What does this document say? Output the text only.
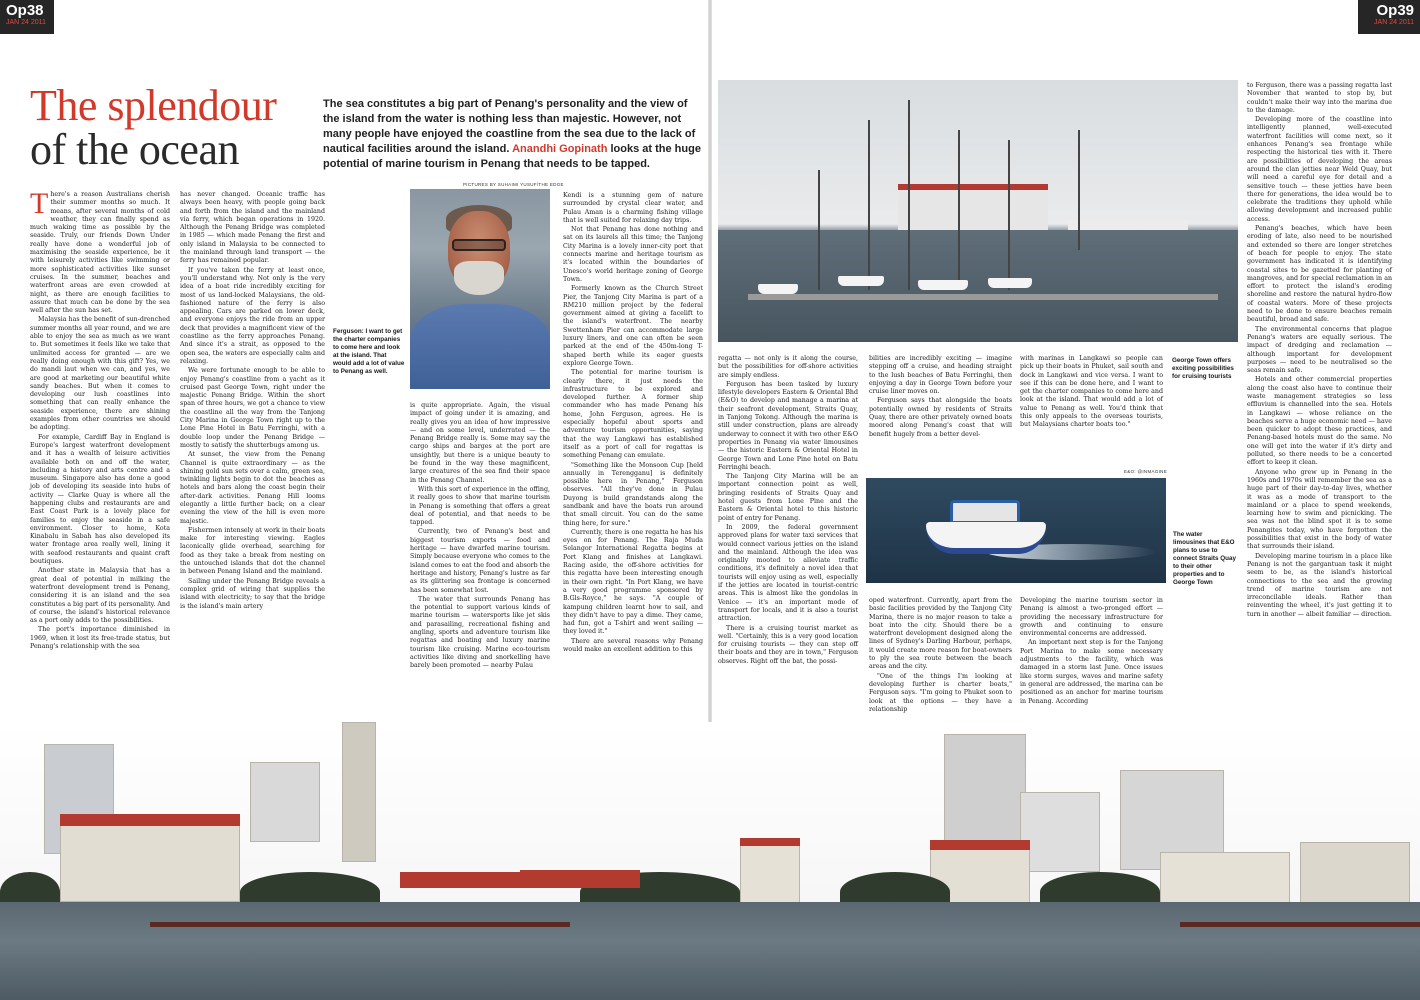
Op38
JAN 24 2011
The splendour
of the ocean
The sea constitutes a big part of Penang's personality and the view of the island from the water is nothing less than majestic. However, not many people have enjoyed the coastline from the sea due to the lack of nautical facilities around the island. Anandhi Gopinath looks at the huge potential of marine tourism in Penang that needs to be tapped.

There's a reason Australians cherish their summer months so much. It means, after several months of cold weather, they can finally spend as much waking time as possible by the seaside. Truly, our friends Down Under really have done a wonderful job of maximising the seaside experience, be it with leisurely activities like swimming or more sophisticated activities like sunset cruises. In the summer, beaches and waterfront areas are even crowded at night, as there are enough facilities to assure that much can be done by the sea well after the sun has set.

Malaysia has the benefit of sun-drenched summer months all year round, and we are able to enjoy the sea as much as we want to. But sometimes it feels like we take that unlimited access for granted — are we really doing enough with this gift? Yes, we do mandi laut when we can, and yes, we are good at marketing our beautiful white sandy beaches. But when it comes to developing our lush coastlines into something that can really enhance the seaside experience, there are shining examples from other countries we should be adopting.

For example, Cardiff Bay in England is Europe's largest waterfront development and it has a wealth of leisure activities available both on and off the water, including a history and arts centre and a museum. Singapore also has done a good job of developing its seaside into hubs of activity — Clarke Quay is where all the happening clubs and restaurants are and East Coast Park is a lovely place for families to enjoy the seaside in a safe environment. Closer to home, Kota Kinabalu in Sabah has also developed its water frontage area really well, lining it with seafood restaurants and quaint craft boutiques.

Another state in Malaysia that has a great deal of potential in milking the waterfront development trend is Penang, considering it is an island and the sea constitutes a big part of its personality. And of course, the island's historical relevance as a port only adds to the possibilities.

The port's importance diminished in 1969, when it lost its free-trade status, but Penang's relationship with the sea

has never changed. Oceanic traffic has always been heavy, with people going back and forth from the island and the mainland via ferry, which began operations in 1920. Although the Penang Bridge was completed in 1985 — which made Penang the first and only island in Malaysia to be connected to the mainland through land transport — the ferry has remained popular.

If you've taken the ferry at least once, you'll understand why. Not only is the very idea of a boat ride incredibly exciting for most of us land-locked Malaysians, the old-fashioned nature of the ferry is also appealing. Cars are parked on lower deck, and everyone enjoys the ride from an upper deck that provides a magnificent view of the coastline as the ferry approaches Penang. And since it's a strait, as opposed to the open sea, the waters are especially calm and relaxing.

We were fortunate enough to be able to enjoy Penang's coastline from a yacht as it cruised past George Town, right under the majestic Penang Bridge. Within the short span of three hours, we got a chance to view the coastline all the way from the Tanjong City Marina in George Town right up to the Lone Pine Hotel in Batu Ferringhi, with a double loop under the Penang Bridge — mostly to satisfy the shutterbugs among us.

At sunset, the view from the Penang Channel is quite extraordinary — as the shining gold sun sets over a calm, green sea, twinkling lights begin to dot the beaches as hotels and bars along the coast begin their after-dark activities. Penang Hill looms elegantly a little further back; on a clear evening the view of the hill is even more majestic.

Fishermen intensely at work in their boats make for interesting viewing. Eagles laconically glide overhead, searching for food as they take a break from nesting on the untouched islands that dot the channel in between Penang Island and the mainland.

Sailing under the Penang Bridge reveals a complex grid of wiring that supplies the island with electricity; to say that the bridge is the island's main artery

PICTURES BY SUHAIMI YUSUF/THE EDGE
Ferguson: I want to get the charter companies to come here and look at the island. That would add a lot of value to Penang as well.

is quite appropriate. Again, the visual impact of going under it is amazing, and really gives you an idea of how impressive — and on some level, underrated — the Penang Bridge really is. Some may say the cargo ships and barges at the port are unsightly, but there is a unique beauty to be found in the way these magnificent, large creatures of the sea find their space in the Penang Channel.

With this sort of experience in the offing, it really goes to show that marine tourism in Penang is something that offers a great deal of potential, and that needs to be tapped.

Currently, two of Penang's best and biggest tourism exports — food and heritage — have dwarfed marine tourism. Simply because everyone who comes to the island comes to eat the food and absorb the heritage and history, Penang's lustre as far as its glittering sea frontage is concerned has been somewhat lost.

The water that surrounds Penang has the potential to support various kinds of marine tourism — watersports like jet skis and parasailing, recreational fishing and angling, sports and adventure tourism like regattas and boating and luxury marine tourism like cruising. Marine eco-tourism activities like diving and snorkelling have barely been promoted — nearby Pulau

Kendi is a stunning gem of nature surrounded by crystal clear water, and Pulau Aman is a charming fishing village that is well suited for relaxing day trips.

Not that Penang has done nothing and sat on its laurels all this time; the Tanjong City Marina is a lovely inner-city port that connects marine and heritage tourism as it's located within the boundaries of Unesco's world heritage zoning of George Town.

Formerly known as the Church Street Pier, the Tanjong City Marina is part of a RM210 million project by the federal government aimed at giving a facelift to the island's waterfront. The nearby Swettenham Pier can accommodate large luxury liners, and one can often be seen parked at the end of the 450m-long T-shaped berth while its eager guests explore George Town.

The potential for marine tourism is clearly there, it just needs the infrastructure to be explored and developed further. A former ship commander who has made Penang his home, John Ferguson, agrees. He is especially hopeful about sports and adventure tourism opportunities, saying that the way Langkawi has established itself as a port of call for regattas is something Penang can emulate.

"Something like the Monsoon Cup [held annually in Terengganu] is definitely possible here in Penang," Ferguson observes. "All they've done in Pulau Duyong is build grandstands along the sandbank and have the boats run around that small circuit. You can do the same thing here, for sure."

Currently, there is one regatta he has his eyes on for Penang. The Raja Muda Selangor International Regatta begins at Port Klang and finishes at Langkawi. Racing aside, the off-shore activities for this regatta have been interesting enough in their own right. "In Port Klang, we have a very good programme sponsored by B.Gls-Royce," he says. "A couple of kampung children learnt how to sail, and they didn't have to pay a dime. They came, had fun, got a T-shirt and went sailing — they loved it."

There are several reasons why Penang would make an excellent addition to this

Op39
JAN 24 2011
George Town offers exciting possibilities for cruising tourists

regatta — not only is it along the course, but the possibilities for off-shore activities are simply endless.

Ferguson has been tasked by luxury lifestyle developers Eastern & Oriental Bhd (E&O) to develop and manage a marina at their seafront development, Straits Quay, in Tanjong Tokong. Although the marina is still under construction, plans are already underway to connect it with two other E&O properties in Penang via water limousines — the historic Eastern & Oriental Hotel in George Town and Lone Pine hotel on Batu Ferringhi beach.

The Tanjong City Marina will be an important connection point as well, bringing residents of Straits Quay and hotel guests from Lone Pine and the Eastern & Oriental hotel to this historic point of entry for Penang.

In 2009, the federal government approved plans for water taxi services that would connect various jetties on the island and the mainland. Although the idea was originally mooted to alleviate traffic conditions, it's definitely a novel idea that tourists will enjoy using as well, especially if the jetties are located in tourist-centric areas. This is almost like the gondolas in Venice — it's an important mode of transport for locals, and it is also a tourist attraction.

There is a cruising tourist market as well. "Certainly, this is a very good location for cruising tourists — they can step off their boats and they are in town," Ferguson observes. Right off the bat, the possi-

bilities are incredibly exciting — imagine stepping off a cruise, and heading straight to the lush beaches of Batu Ferringhi, then enjoying a day in George Town before your cruise liner moves on.

Ferguson says that alongside the boats potentially owned by residents of Straits Quay, there are other privately owned boats moored along Penang's coast that will benefit hugely from a better devel-

with marinas in Langkawi so people can pick up their boats in Phuket, sail south and dock in Langkawi and vice versa. I want to see if this can be done here, and I want to get the charter companies to come here and look at the island. That would add a lot of value to Penang as well. You'd think that this only appeals to the overseas tourists, but Malaysians charter boats too."

E&O: @INMAGINE
The water limousines that E&O plans to use to connect Straits Quay to their other properties and to George Town

oped waterfront. Currently, apart from the basic facilities provided by the Tanjong City Marina, there is no major reason to take a boat into the city. Should there be a waterfront development designed along the lines of Sydney's Darling Harbour, perhaps, it would create more reason for boat-owners to ply the sea route between the beach areas and the city.

"One of the things I'm looking at developing further is charter boats," Ferguson says. "I'm going to Phuket soon to look at the options — they have a relationship

Developing the marine tourism sector in Penang is almost a two-pronged effort — providing the necessary infrastructure for growth and continuing to ensure environmental concerns are addressed.

An important next step is for the Tanjong Port Marina to make some necessary adjustments to the facility, which was damaged in a storm last June. Once issues like storm surges, waves and marine safety in general are addressed, the marina can be positioned as an anchor for marine tourism in Penang. According

to Ferguson, there was a passing regatta last November that wanted to stop by, but couldn't make their way into the marina due to the damage.

Developing more of the coastline into intelligently planned, well-executed waterfront facilities will come next, so it enhances Penang's sea frontage while respecting the historical ties with it. There are possibilities of developing the areas around the clan jetties near Weld Quay, but will need a careful eye for detail and a sensitive touch — these jetties have been there for generations, the idea would be to celebrate the traditions they uphold while allowing development and increased public access.

Penang's beaches, which have been eroding of late, also need to be nourished and extended so there are longer stretches of beach for people to enjoy. The state government has indicated it is identifying coastal sites to be gazetted for planting of mangroves, and for special reclamation in an effort to protect the island's eroding shoreline and restore the natural hydro-flow of coastal waters. More of these projects need to be done to ensure beaches remain beautiful, broad and safe.

The environmental concerns that plague Penang's waters are equally serious. The impact of dredging and reclamation — although important for development purposes — need to be neutralised so the seas remain safe.

Hotels and other commercial properties along the coast also have to continue their waste management strategies so less effluvium is channelled into the sea. Hotels in Langkawi — whose reliance on the beaches serve a huge economic need — have been quicker to adopt these practices, and Penang-based hotels must do the same. No one will get into the water if it's dirty and polluted, so there needs to be a concerted effort to keep it clean.

Anyone who grew up in Penang in the 1960s and 1970s will remember the sea as a huge part of their day-to-day lives, whether it was as a mode of transport to the mainland or a place to spend weekends, learning how to swim and picnicking. The sea was not the blind spot it is to some Penangites today, who have forgotten the possibilities that exist in the body of water that surrounds their island.

Developing marine tourism in a place like Penang is not the gargantuan task it might seem to be, as the island's historical connections to the sea and the growing trend of marine tourism are not irreconcilable ideals. Rather than reinventing the wheel, it's just getting it to turn in another — albeit familiar — direction.
